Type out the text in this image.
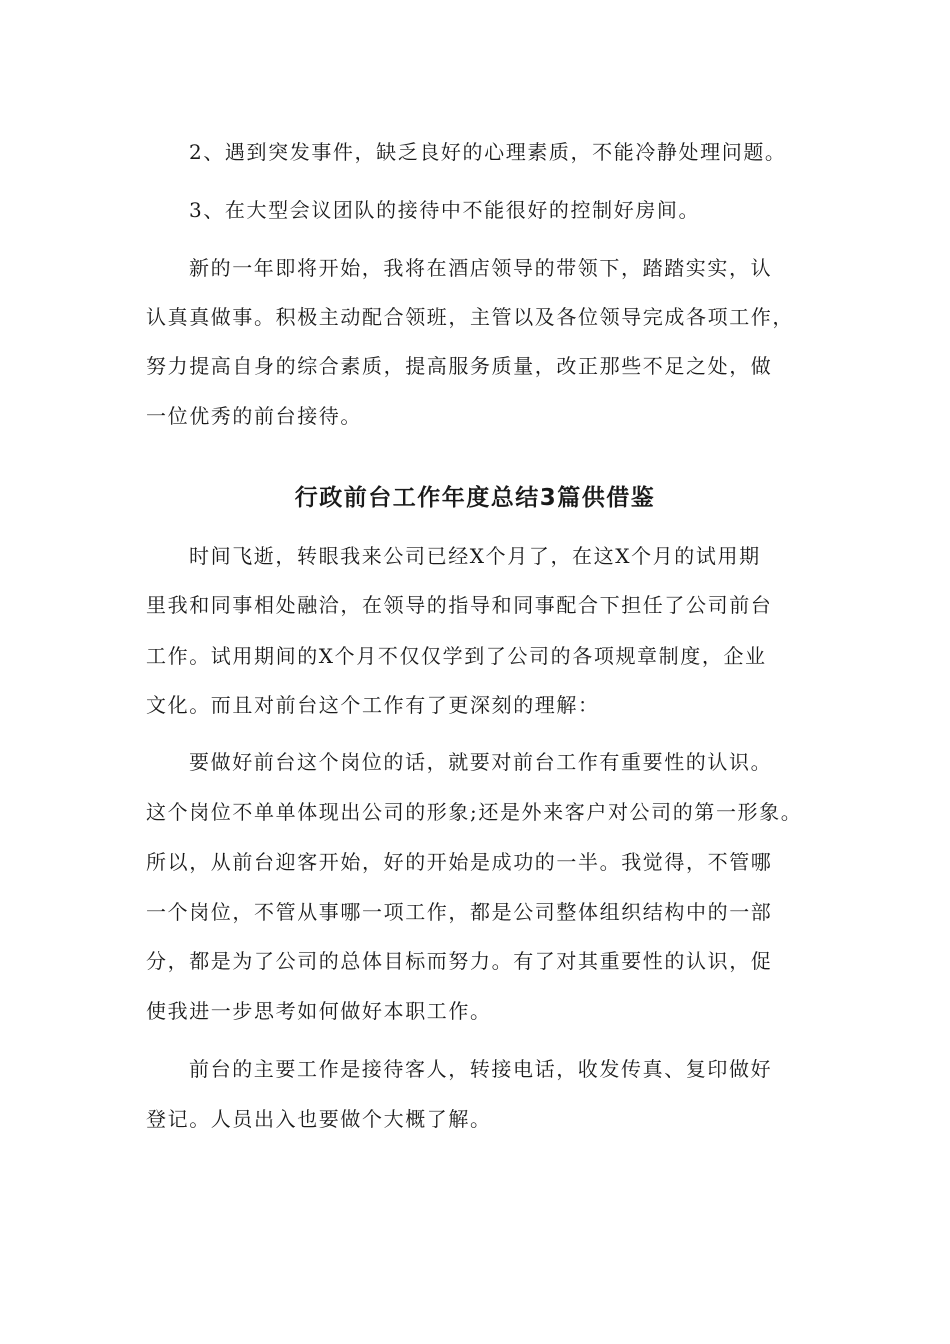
2、遇到突发事件，缺乏良好的心理素质，不能冷静处理问题。
3、在大型会议团队的接待中不能很好的控制好房间。
新的一年即将开始，我将在酒店领导的带领下，踏踏实实，认
认真真做事。积极主动配合领班，主管以及各位领导完成各项工作，
努力提高自身的综合素质，提高服务质量，改正那些不足之处，做
一位优秀的前台接待。
行政前台工作年度总结3篇供借鉴
时间飞逝，转眼我来公司已经X个月了，在这X个月的试用期
里我和同事相处融洽，在领导的指导和同事配合下担任了公司前台
工作。试用期间的X个月不仅仅学到了公司的各项规章制度，企业
文化。而且对前台这个工作有了更深刻的理解：
要做好前台这个岗位的话，就要对前台工作有重要性的认识。
这个岗位不单单体现出公司的形象;还是外来客户对公司的第一形象。
所以，从前台迎客开始，好的开始是成功的一半。我觉得，不管哪
一个岗位，不管从事哪一项工作，都是公司整体组织结构中的一部
分，都是为了公司的总体目标而努力。有了对其重要性的认识，促
使我进一步思考如何做好本职工作。
前台的主要工作是接待客人，转接电话，收发传真、复印做好
登记。人员出入也要做个大概了解。
